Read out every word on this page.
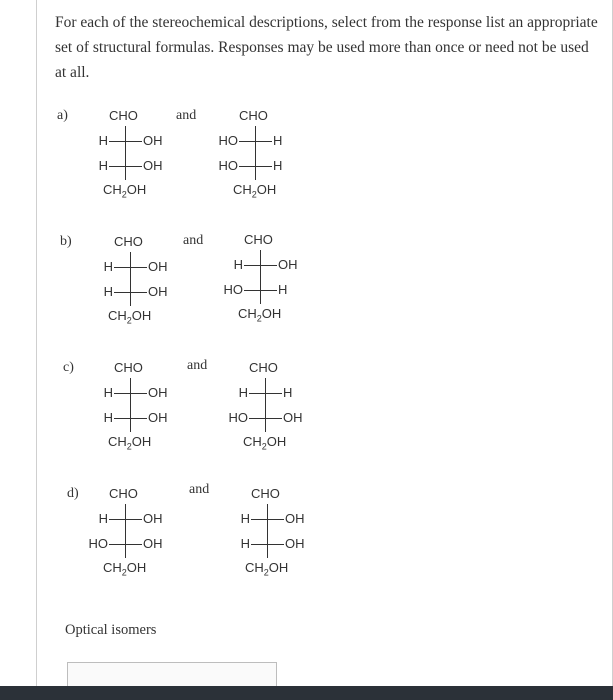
For each of the stereochemical descriptions, select from the response list an appropriate set of structural formulas. Responses may be used more than once or need not be used at all.
a)	and
CHO
H	OH
H	OH
$CH_2OH$
CHO
HO	H
HO	H
$CH_2OH$
b)	and
CHO
H	OH
H	OH
$CH_2OH$
CHO
H	OH
HO	H
$CH_2OH$
c)	and
CHO
H	OH
H	OH
$CH_2OH$
CHO
H	H
HO	OH
$CH_2OH$
d)	and
CHO
H	OH
HO	OH
$CH_2OH$
CHO
H	OH
H	OH
$CH_2OH$
Optical isomers
